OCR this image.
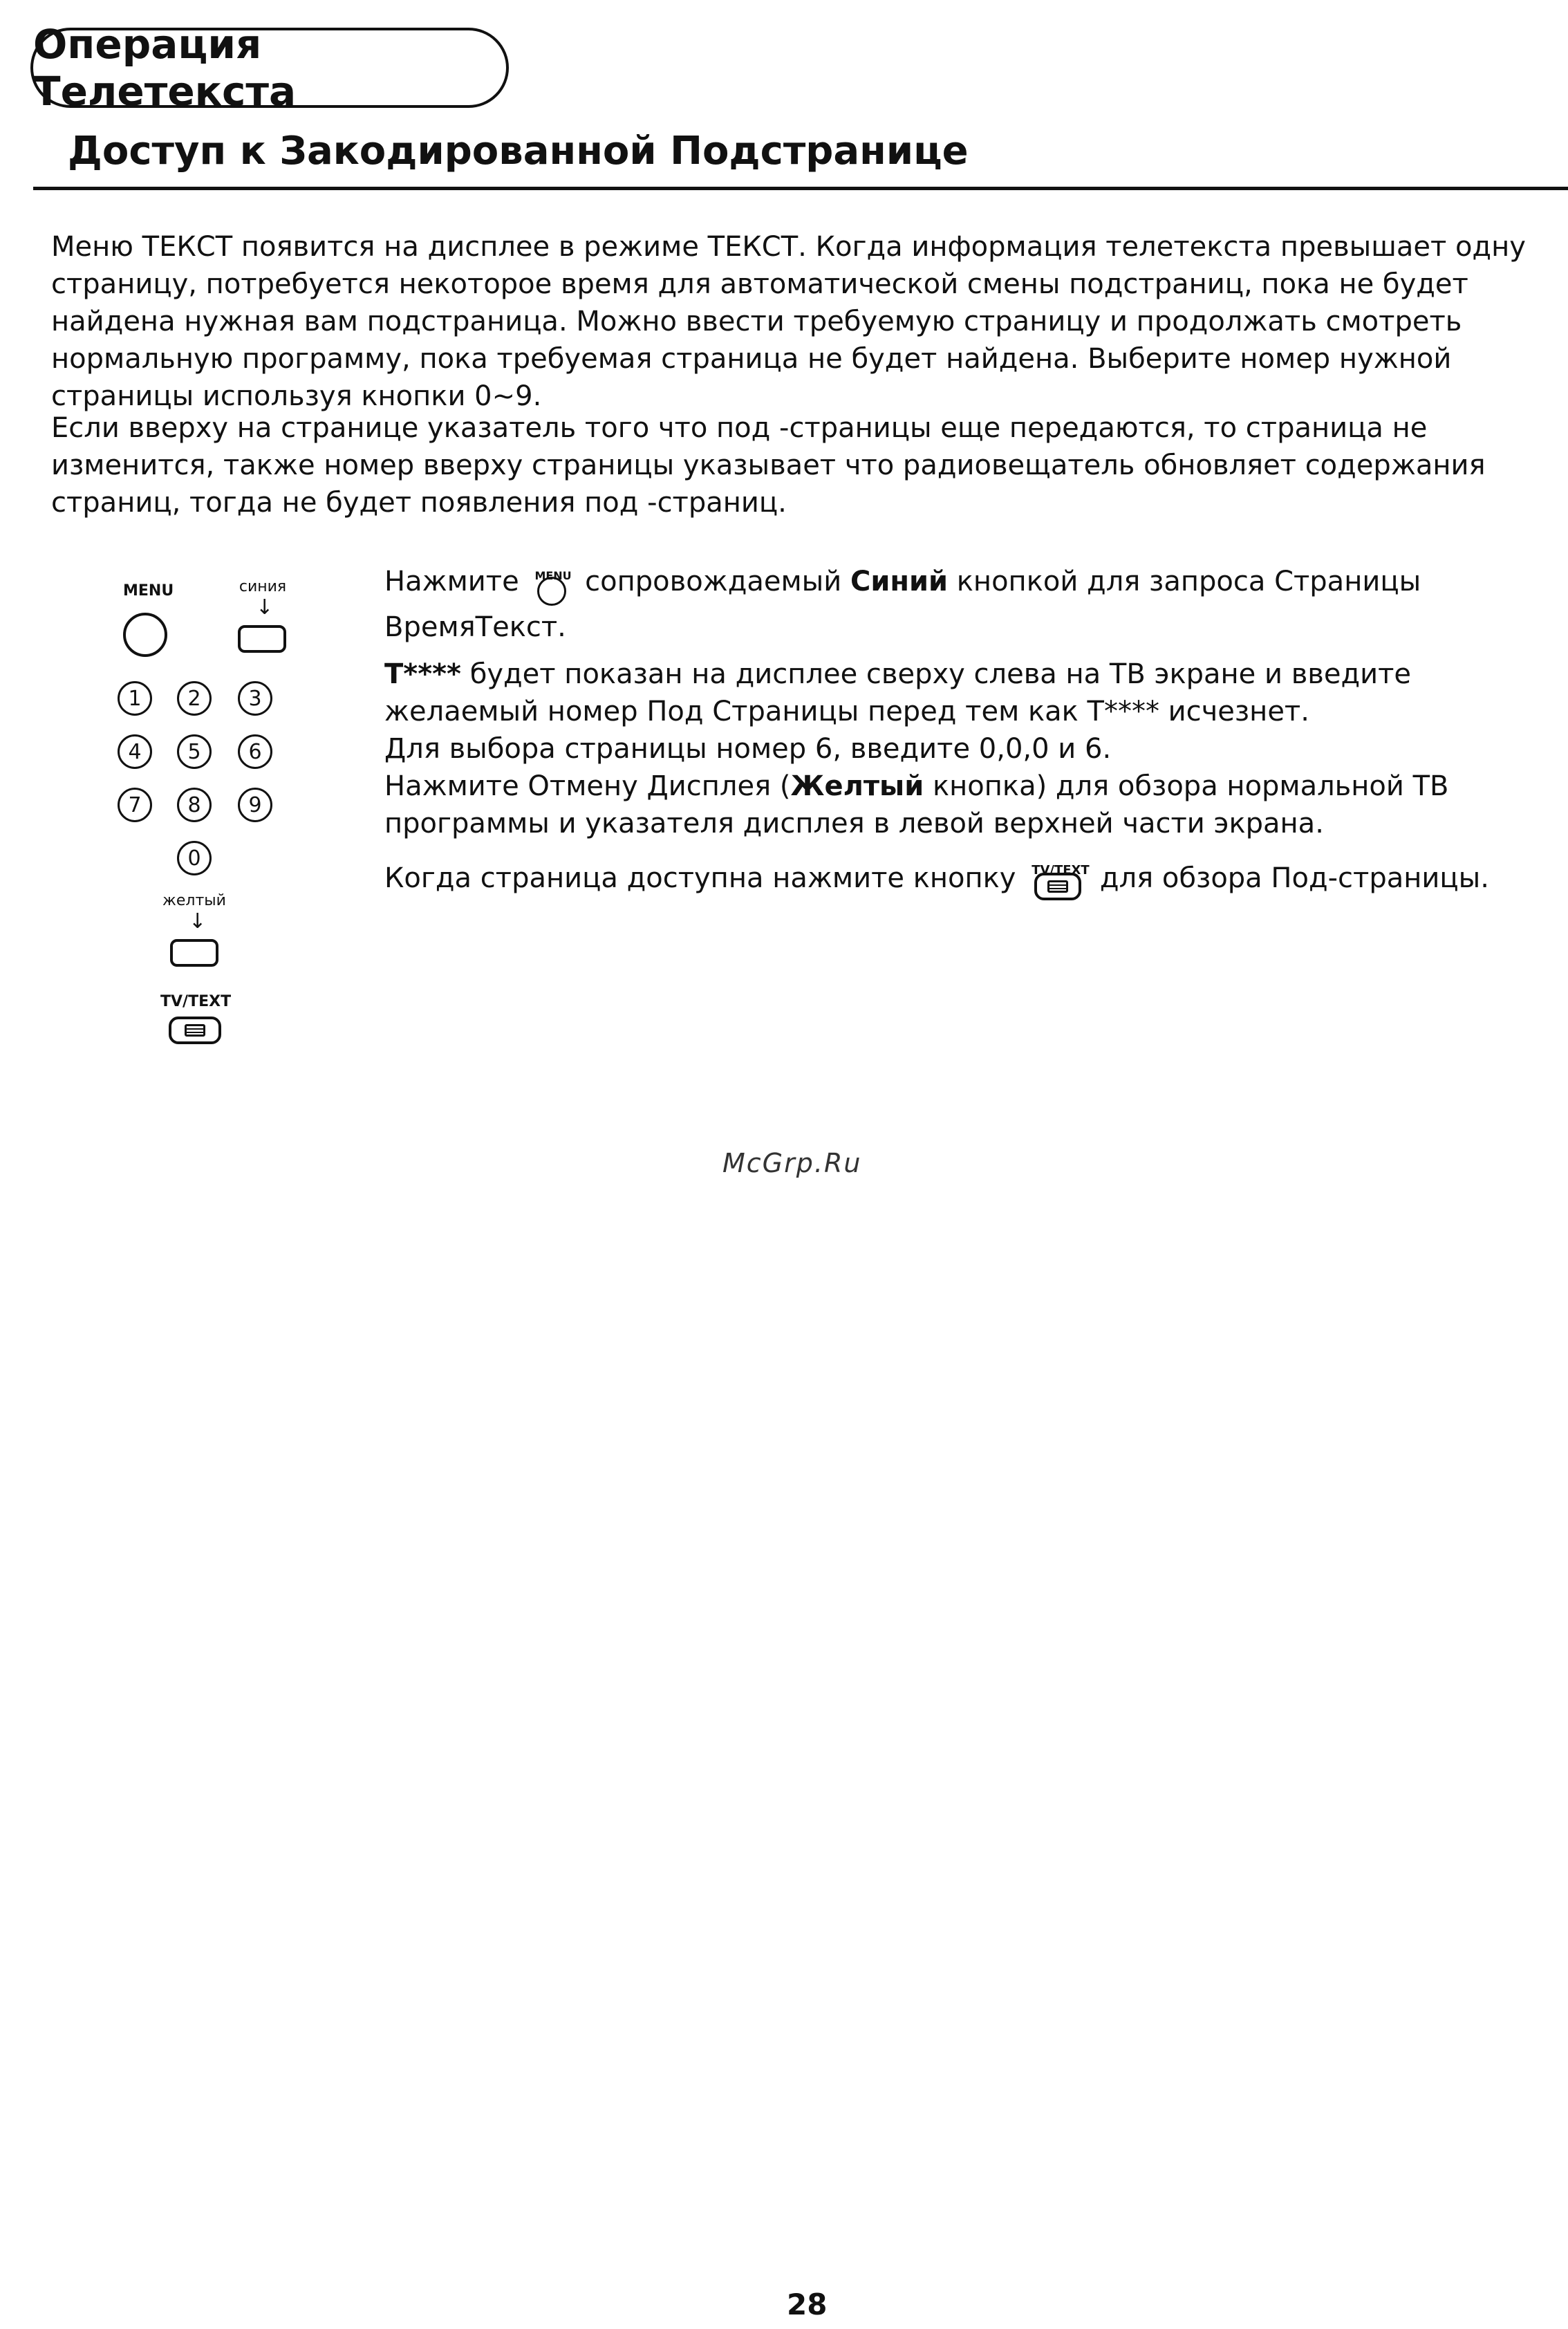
Операция Телетекста
Доступ к Закодированной Подстранице

Меню ТЕКСТ появится на дисплее в режиме ТЕКСТ. Когда информация телетекста превышает одну страницу, потребуется некоторое время для автоматической смены подстраниц, пока не будет найдена нужная вам подстраница. Можно ввести требуемую страницу и продолжать смотреть нормальную программу, пока требуемая страница не будет найдена. Выберите номер нужной страницы используя кнопки 0~9.

Если вверху на странице указатель того что под -страницы еще передаются, то страница не изменится, также номер вверху страницы указывает что радиовещатель обновляет содержания страниц, тогда не будет появления под -страниц.

MENU	синия
↓
1	2	3
4	5	6
7	8	9
0
желтый
↓
TV/TEXT

Нажмите MENU сопровождаемый Синий кнопкой для запроса Страницы ВремяТекст.

T**** будет показан на дисплее сверху слева на ТВ экране и введите желаемый номер Под Страницы перед тем как T**** исчезнет.

Для выбора страницы номер 6, введите 0,0,0 и 6.

Нажмите Отмену Дисплея (Желтый кнопка) для обзора нормальной ТВ программы и указателя дисплея в левой верхней части экрана.

Когда страница доступна нажмите кнопку TV/TEXT для обзора Под-страницы.

McGrp.Ru
28
